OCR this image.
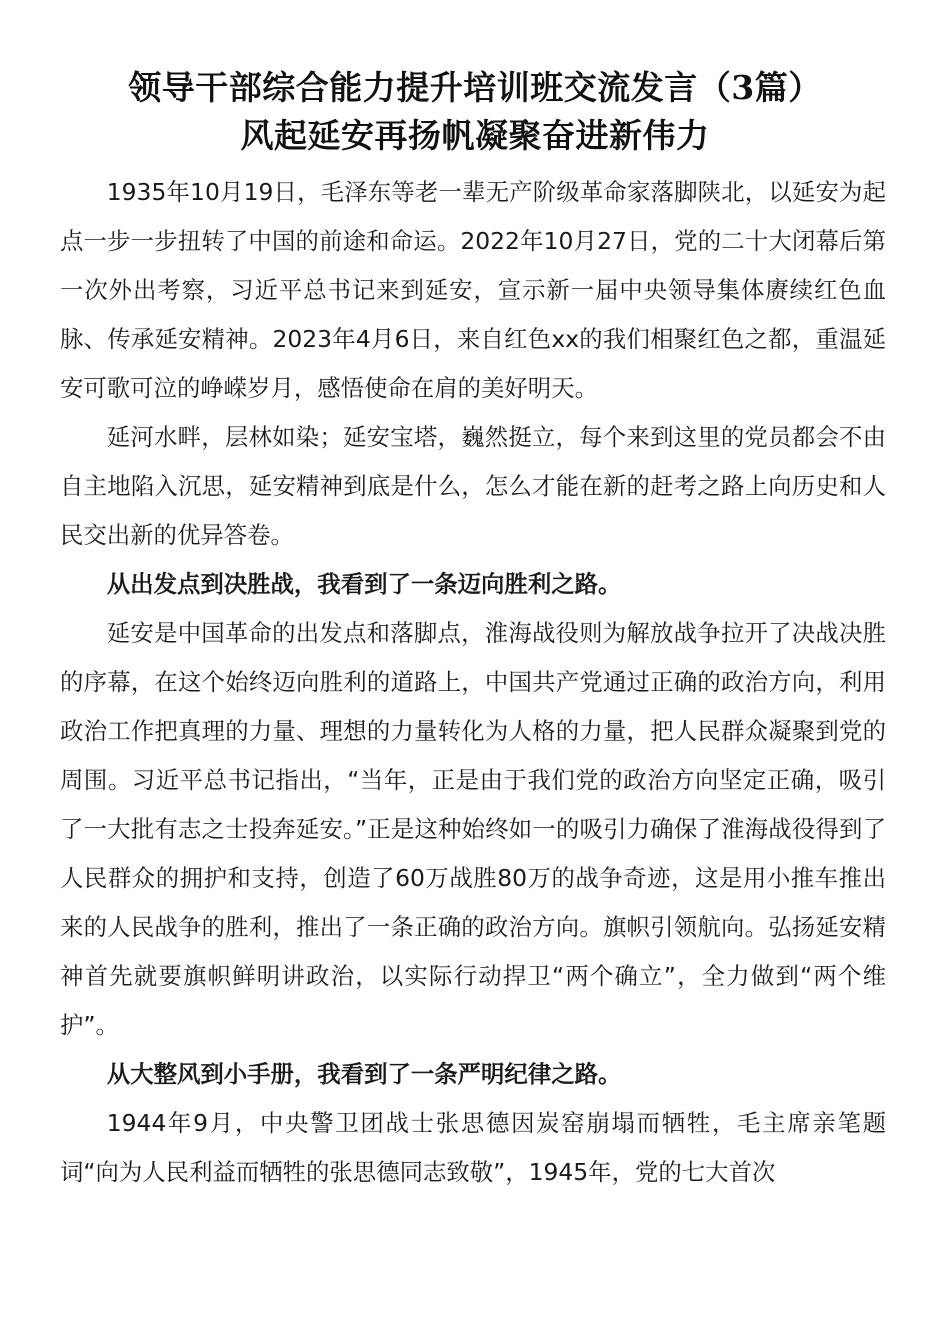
领导干部综合能力提升培训班交流发言（3篇）
风起延安再扬帆凝聚奋进新伟力

1935年10月19日，毛泽东等老一辈无产阶级革命家落脚陕北，以延安为起点一步一步扭转了中国的前途和命运。2022年10月27日，党的二十大闭幕后第一次外出考察，习近平总书记来到延安，宣示新一届中央领导集体赓续红色血脉、传承延安精神。2023年4月6日，来自红色xx的我们相聚红色之都，重温延安可歌可泣的峥嵘岁月，感悟使命在肩的美好明天。

延河水畔，层林如染；延安宝塔，巍然挺立，每个来到这里的党员都会不由自主地陷入沉思，延安精神到底是什么，怎么才能在新的赶考之路上向历史和人民交出新的优异答卷。

从出发点到决胜战，我看到了一条迈向胜利之路。

延安是中国革命的出发点和落脚点，淮海战役则为解放战争拉开了决战决胜的序幕，在这个始终迈向胜利的道路上，中国共产党通过正确的政治方向，利用政治工作把真理的力量、理想的力量转化为人格的力量，把人民群众凝聚到党的周围。习近平总书记指出，“当年，正是由于我们党的政治方向坚定正确，吸引了一大批有志之士投奔延安。”正是这种始终如一的吸引力确保了淮海战役得到了人民群众的拥护和支持，创造了60万战胜80万的战争奇迹，这是用小推车推出来的人民战争的胜利，推出了一条正确的政治方向。旗帜引领航向。弘扬延安精神首先就要旗帜鲜明讲政治，以实际行动捍卫“两个确立”，全力做到“两个维护”。

从大整风到小手册，我看到了一条严明纪律之路。

1944年9月，中央警卫团战士张思德因炭窑崩塌而牺牲，毛主席亲笔题词“向为人民利益而牺牲的张思德同志致敬”，1945年，党的七大首次
